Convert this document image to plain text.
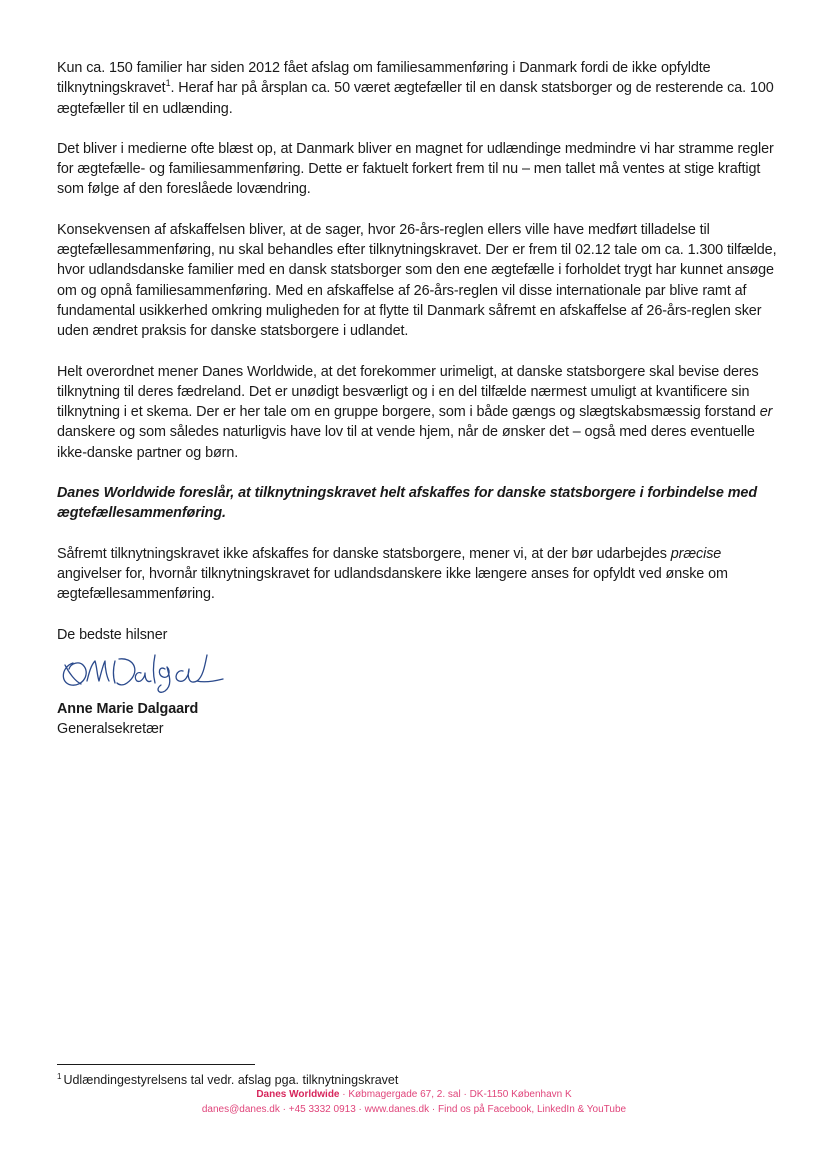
Kun ca. 150 familier har siden 2012 fået afslag om familiesammenføring i Danmark fordi de ikke opfyldte tilknytningskravet$^1$. Heraf har på årsplan ca. 50 været ægtefæller til en dansk statsborger og de resterende ca. 100 ægtefæller til en udlænding.

Det bliver i medierne ofte blæst op, at Danmark bliver en magnet for udlændinge medmindre vi har stramme regler for ægtefælle- og familiesammenføring. Dette er faktuelt forkert frem til nu – men tallet må ventes at stige kraftigt som følge af den foreslåede lovændring.

Konsekvensen af afskaffelsen bliver, at de sager, hvor 26-års-reglen ellers ville have medført tilladelse til ægtefællesammenføring, nu skal behandles efter tilknytningskravet. Der er frem til 02.12 tale om ca. 1.300 tilfælde, hvor udlandsdanske familier med en dansk statsborger som den ene ægtefælle i forholdet trygt har kunnet ansøge om og opnå familiesammenføring. Med en afskaffelse af 26-års-reglen vil disse internationale par blive ramt af fundamental usikkerhed omkring muligheden for at flytte til Danmark såfremt en afskaffelse af 26-års-reglen sker uden ændret praksis for danske statsborgere i udlandet.

Helt overordnet mener Danes Worldwide, at det forekommer urimeligt, at danske statsborgere skal bevise deres tilknytning til deres fædreland. Det er unødigt besværligt og i en del tilfælde nærmest umuligt at kvantificere sin tilknytning i et skema. Der er her tale om en gruppe borgere, som i både gængs og slægtskabsmæssig forstand er danskere og som således naturligvis have lov til at vende hjem, når de ønsker det – også med deres eventuelle ikke-danske partner og børn.

Danes Worldwide foreslår, at tilknytningskravet helt afskaffes for danske statsborgere i forbindelse med ægtefællesammenføring.

Såfremt tilknytningskravet ikke afskaffes for danske statsborgere, mener vi, at der bør udarbejdes præcise angivelser for, hvornår tilknytningskravet for udlandsdanskere ikke længere anses for opfyldt ved ønske om ægtefællesammenføring.

De bedste hilsner
Anne Marie Dalgaard
Generalsekretær
$^1$ Udlændingestyrelsens tal vedr. afslag pga. tilknytningskravet
Danes Worldwide · Købmagergade 67, 2. sal · DK-1150 København K
danes@danes.dk · +45 3332 0913 · www.danes.dk · Find os på Facebook, LinkedIn & YouTube
